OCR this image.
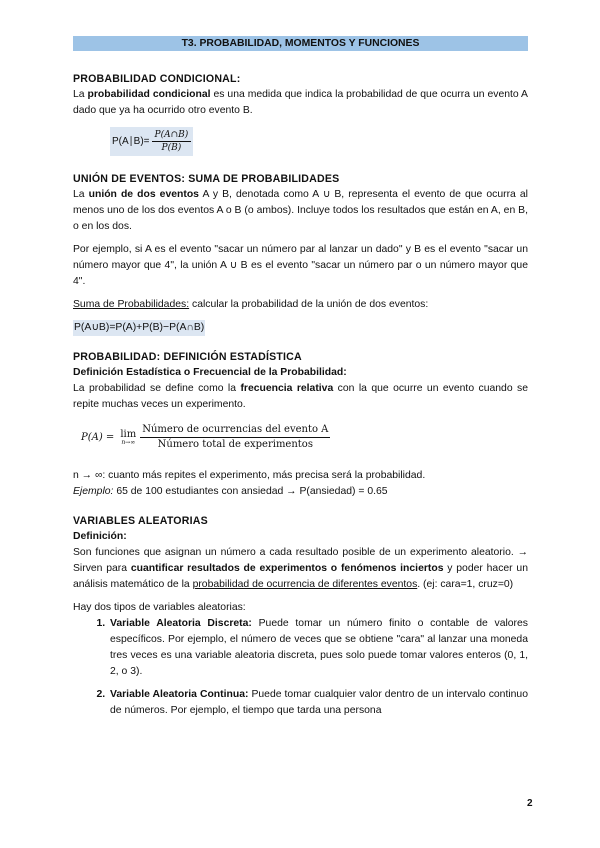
T3. PROBABILIDAD, MOMENTOS Y FUNCIONES
PROBABILIDAD CONDICIONAL:

La probabilidad condicional es una medida que indica la probabilidad de que ocurra un evento A dado que ya ha ocurrido otro evento B.

P(A∣B)= $\frac{P(A\cap B)}{P(B)}$
UNIÓN DE EVENTOS: SUMA DE PROBABILIDADES

La unión de dos eventos A y B, denotada como A ∪ B, representa el evento de que ocurra al menos uno de los dos eventos A o B (o ambos). Incluye todos los resultados que están en A, en B, o en los dos.

Por ejemplo, si A es el evento "sacar un número par al lanzar un dado" y B es el evento "sacar un número mayor que 4", la unión A ∪ B es el evento "sacar un número par o un número mayor que 4".

Suma de Probabilidades: calcular la probabilidad de la unión de dos eventos:

P(A∪B)=P(A)+P(B)−P(A∩B)

PROBABILIDAD: DEFINICIÓN ESTADÍSTICA
Definición Estadística o Frecuencial de la Probabilidad:

La probabilidad se define como la frecuencia relativa con la que ocurre un evento cuando se repite muchas veces un experimento.

P(A) = lim
$n\to\infty \frac{\text{Número de ocurrencias del evento A}}{\text{Número total de experimentos}}$

n → ∞: cuanto más repites el experimento, más precisa será la probabilidad.

Ejemplo: 65 de 100 estudiantes con ansiedad → P(ansiedad) = 0.65

VARIABLES ALEATORIAS
Definición:

Son funciones que asignan un número a cada resultado posible de un experimento aleatorio. → Sirven para cuantificar resultados de experimentos o fenómenos inciertos y poder hacer un análisis matemático de la probabilidad de ocurrencia de diferentes eventos. (ej: cara=1, cruz=0)

Hay dos tipos de variables aleatorias:

1. Variable Aleatoria Discreta: Puede tomar un número finito o contable de valores específicos. Por ejemplo, el número de veces que se obtiene "cara" al lanzar una moneda tres veces es una variable aleatoria discreta, pues solo puede tomar valores enteros (0, 1, 2, o 3).
2. Variable Aleatoria Continua: Puede tomar cualquier valor dentro de un intervalo continuo de números. Por ejemplo, el tiempo que tarda una persona
2
